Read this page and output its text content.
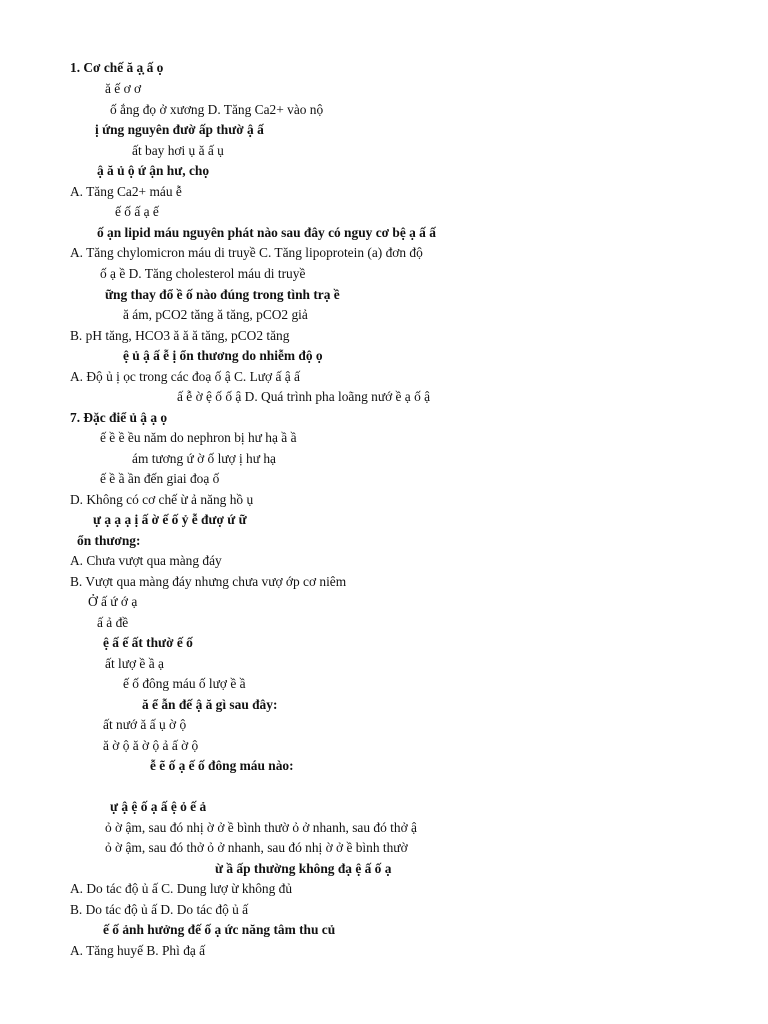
1. Cơ chế ă ạ̣ ấ ọ
ă ế ơ ơ
ố ắng đọ ở xương D. Tăng Ca2+ vào nộ
ị ứng nguyên đườ ấp thườ ậ ấ
ất bay hơi ụ ă ấ ụ
ậ ă ủ ộ ứ ận hư, chọ
A. Tăng Ca2+ máu ễ
ế ố ấ ạ ế
ố ạn lipid máu nguyên phát nào sau đây có nguy cơ bệ ạ ấ ấ
A. Tăng chylomicron máu di truyề C. Tăng lipoprotein (a) đơn độ
ố ạ ề D. Tăng cholesterol máu di truyề
ững thay đổ ề ố nào đúng trong tình trạ ề
ă ám, pCO2 tăng ă tăng, pCO2 giả
B. pH tăng, HCO3 ă ă ă tăng, pCO2 tăng
ệ ủ ậ ấ ễ ị ổn thương do nhiễm độ ọ
A. Độ ủ ị ọc trong các đoạ ố ậ C. Lượ ấ ậ ấ
ấ ễ ờ ệ ố ố ậ D. Quá trình pha loãng nướ ề ạ ố ậ
7. Đặc điể ủ ậ ạ ọ
ế ề ề ều năm do nephron bị hư hạ ầ ầ
ám tương ứ ờ ố lượ ị hư hạ
ế ề ầ ần đến giai đoạ ố
D. Không có cơ chế ừ ả năng hồ ụ
ự ạ ạ ạ ị ấ ờ ế ố ỷ ễ đượ ứ ữ
ổn thương:
A. Chưa vượt qua màng đáy
B. Vượt qua màng đáy nhưng chưa vượ ớp cơ niêm
Ở ấ ứ ớ ạ
ấ ả đề
ệ ấ ế ất thườ ế ố
ất lượ ề ầ ạ
ế ố đông máu ố lượ ề ầ
ă ể ẫn đế ậ ă gì sau đây:
ất nướ ă ấ ụ ờ ộ
ă ờ ộ ă ờ ộ ả ấ ờ ộ
ễ ẽ ố ạ ế ố đông máu nào:
ự ậ ệ ố ạ ấ ệ ỏ ế ả
ỏ ờ ậm, sau đó nhị ờ ở ề bình thườ ỏ ở nhanh, sau đó thở ậ
ỏ ờ ậm, sau đó thở ỏ ở nhanh, sau đó nhị ờ ở ề bình thườ
ừ ầ ấp thường không đạ ệ ấ ố ạ
A. Do tác độ ủ ấ C. Dung lượ ừ không đủ
B. Do tác độ ủ ấ D. Do tác độ ủ ấ
ế ố ảnh hưởng đế ố ạ ức năng tâm thu củ
A. Tăng huyế B. Phì đạ ấ
